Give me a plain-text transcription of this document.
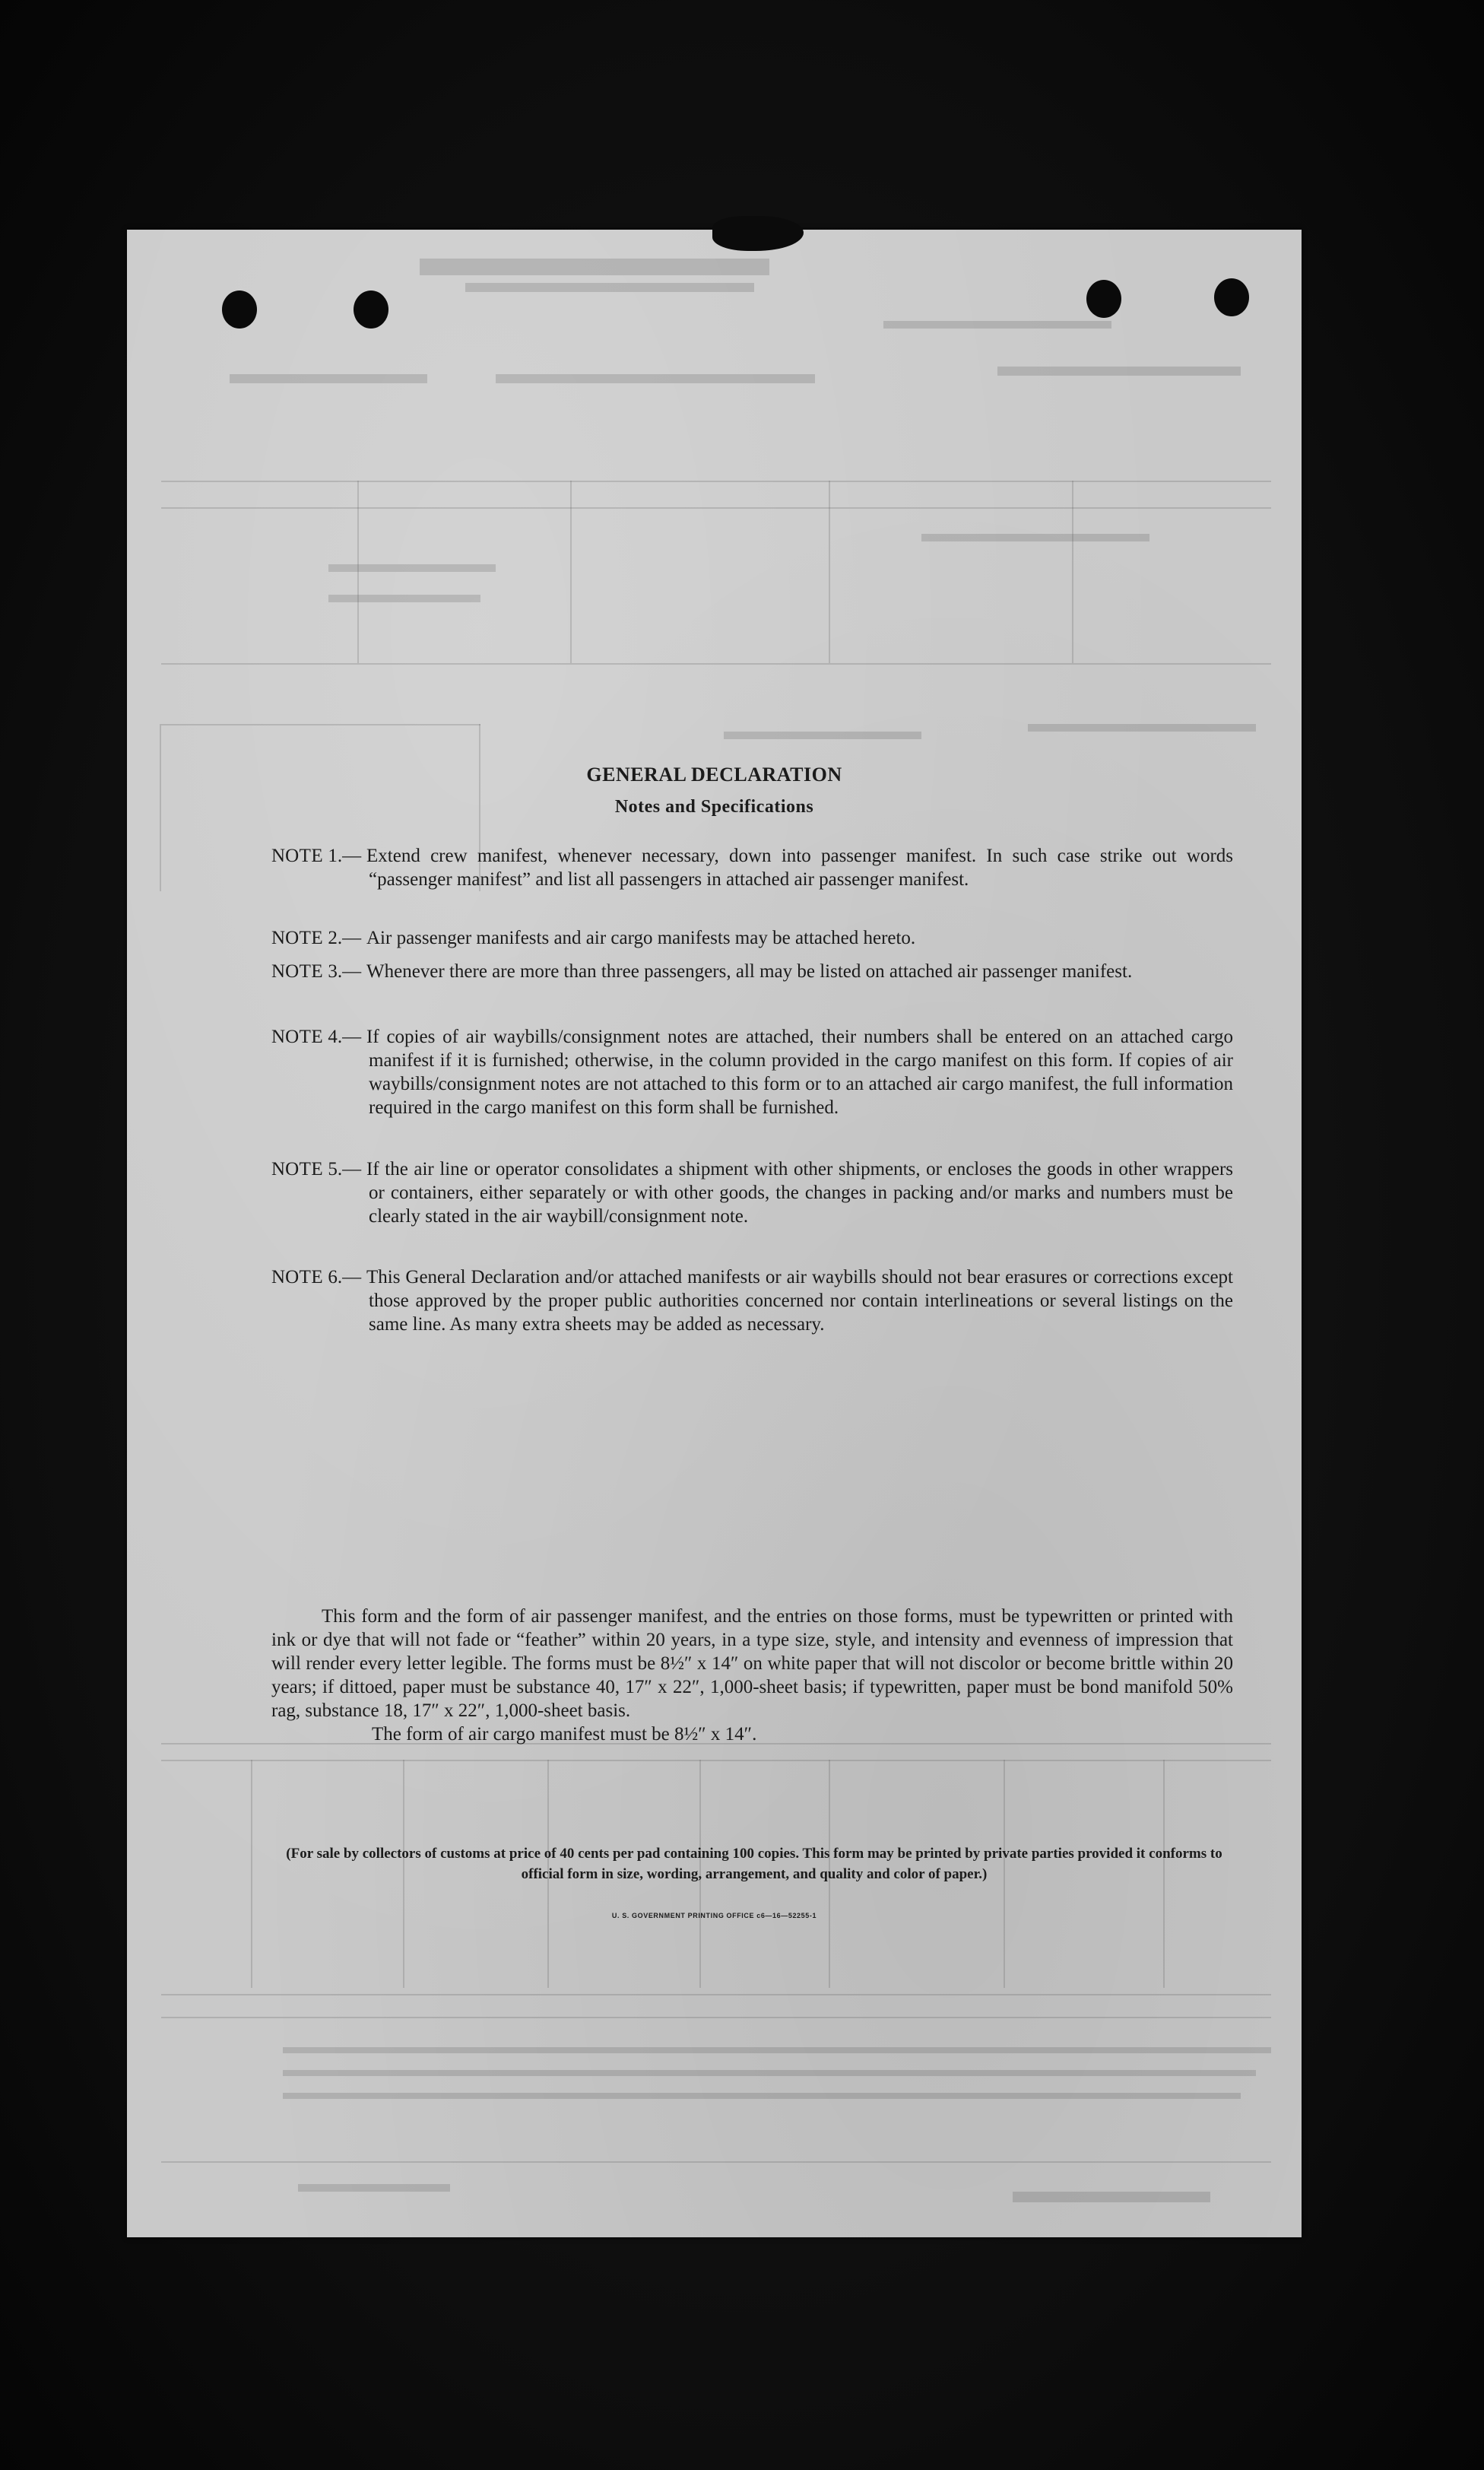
GENERAL DECLARATION
Notes and Specifications
NOTE 1.— Extend crew manifest, whenever necessary, down into passenger manifest. In such case strike out words “passenger manifest” and list all passengers in attached air passenger manifest.
NOTE 2.— Air passenger manifests and air cargo manifests may be attached hereto.
NOTE 3.— Whenever there are more than three passengers, all may be listed on attached air passenger manifest.
NOTE 4.— If copies of air waybills/consignment notes are attached, their numbers shall be entered on an attached cargo manifest if it is furnished; otherwise, in the column provided in the cargo manifest on this form. If copies of air waybills/consignment notes are not attached to this form or to an attached air cargo manifest, the full information required in the cargo manifest on this form shall be furnished.
NOTE 5.— If the air line or operator consolidates a shipment with other shipments, or encloses the goods in other wrappers or containers, either separately or with other goods, the changes in packing and/or marks and numbers must be clearly stated in the air waybill/consignment note.
NOTE 6.— This General Declaration and/or attached manifests or air waybills should not bear erasures or corrections except those approved by the proper public authorities concerned nor contain interlineations or several listings on the same line. As many extra sheets may be added as necessary.

This form and the form of air passenger manifest, and the entries on those forms, must be typewritten or printed with ink or dye that will not fade or “feather” within 20 years, in a type size, style, and intensity and evenness of impression that will render every letter legible. The forms must be 8½″ x 14″ on white paper that will not discolor or become brittle within 20 years; if dittoed, paper must be substance 40, 17″ x 22″, 1,000-sheet basis; if typewritten, paper must be bond manifold 50% rag, substance 18, 17″ x 22″, 1,000-sheet basis.

The form of air cargo manifest must be 8½″ x 14″.

(For sale by collectors of customs at price of 40 cents per pad containing 100 copies. This form may be printed by private parties provided it conforms to official form in size, wording, arrangement, and quality and color of paper.)
U. S. GOVERNMENT PRINTING OFFICE c6—16—52255-1
